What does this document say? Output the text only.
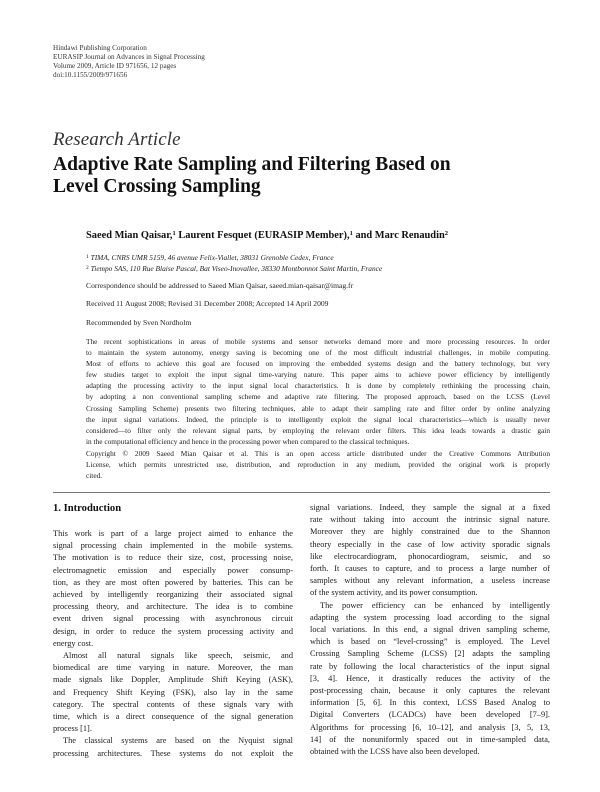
Hindawi Publishing Corporation
EURASIP Journal on Advances in Signal Processing
Volume 2009, Article ID 971656, 12 pages
doi:10.1155/2009/971656
Research Article
Adaptive Rate Sampling and Filtering Based on
Level Crossing Sampling
Saeed Mian Qaisar,$^1$ Laurent Fesquet (EURASIP Member),$^1$ and Marc Renaudin$^2$
$^1$ TIMA, CNRS UMR 5159, 46 avenue Felix-Viallet, 38031 Grenoble Cedex, France
$^2$ Tiempo SAS, 110 Rue Blaise Pascal, Bat Viseo-Inovallee, 38330 Montbonnot Saint Martin, France
Correspondence should be addressed to Saeed Mian Qaisar, saeed.mian-qaisar@imag.fr
Received 11 August 2008; Revised 31 December 2008; Accepted 14 April 2009
Recommended by Sven Nordholm
The recent sophistications in areas of mobile systems and sensor networks demand more and more processing resources. In order
to maintain the system autonomy, energy saving is becoming one of the most difficult industrial challenges, in mobile computing.
Most of efforts to achieve this goal are focused on improving the embedded systems design and the battery technology, but very
few studies target to exploit the input signal time-varying nature. This paper aims to achieve power efficiency by intelligently
adapting the processing activity to the input signal local characteristics. It is done by completely rethinking the processing chain,
by adopting a non conventional sampling scheme and adaptive rate filtering. The proposed approach, based on the LCSS (Level
Crossing Sampling Scheme) presents two filtering techniques, able to adapt their sampling rate and filter order by online analyzing
the input signal variations. Indeed, the principle is to intelligently exploit the signal local characteristics—which is usually never
considered—to filter only the relevant signal parts, by employing the relevant order filters. This idea leads towards a drastic gain
in the computational efficiency and hence in the processing power when compared to the classical techniques.
Copyright © 2009 Saeed Mian Qaisar et al. This is an open access article distributed under the Creative Commons Attribution
License, which permits unrestricted use, distribution, and reproduction in any medium, provided the original work is properly
cited.
1. Introduction
This work is part of a large project aimed to enhance the
signal processing chain implemented in the mobile systems.
The motivation is to reduce their size, cost, processing noise,
electromagnetic emission and especially power consump-
tion, as they are most often powered by batteries. This can be
achieved by intelligently reorganizing their associated signal
processing theory, and architecture. The idea is to combine
event driven signal processing with asynchronous circuit
design, in order to reduce the system processing activity and
energy cost.
Almost all natural signals like speech, seismic, and
biomedical are time varying in nature. Moreover, the man
made signals like Doppler, Amplitude Shift Keying (ASK),
and Frequency Shift Keying (FSK), also lay in the same
category. The spectral contents of these signals vary with
time, which is a direct consequence of the signal generation
process [1].
The classical systems are based on the Nyquist signal
processing architectures. These systems do not exploit the
signal variations. Indeed, they sample the signal at a fixed
rate without taking into account the intrinsic signal nature.
Moreover they are highly constrained due to the Shannon
theory especially in the case of low activity sporadic signals
like electrocardiogram, phonocardiogram, seismic, and so
forth. It causes to capture, and to process a large number of
samples without any relevant information, a useless increase
of the system activity, and its power consumption.
The power efficiency can be enhanced by intelligently
adapting the system processing load according to the signal
local variations. In this end, a signal driven sampling scheme,
which is based on “level-crossing” is employed. The Level
Crossing Sampling Scheme (LCSS) [2] adapts the sampling
rate by following the local characteristics of the input signal
[3, 4]. Hence, it drastically reduces the activity of the
post-processing chain, because it only captures the relevant
information [5, 6]. In this context, LCSS Based Analog to
Digital Converters (LCADCs) have been developed [7–9].
Algorithms for processing [6, 10–12], and analysis [3, 5, 13,
14] of the nonuniformly spaced out in time-sampled data,
obtained with the LCSS have also been developed.
